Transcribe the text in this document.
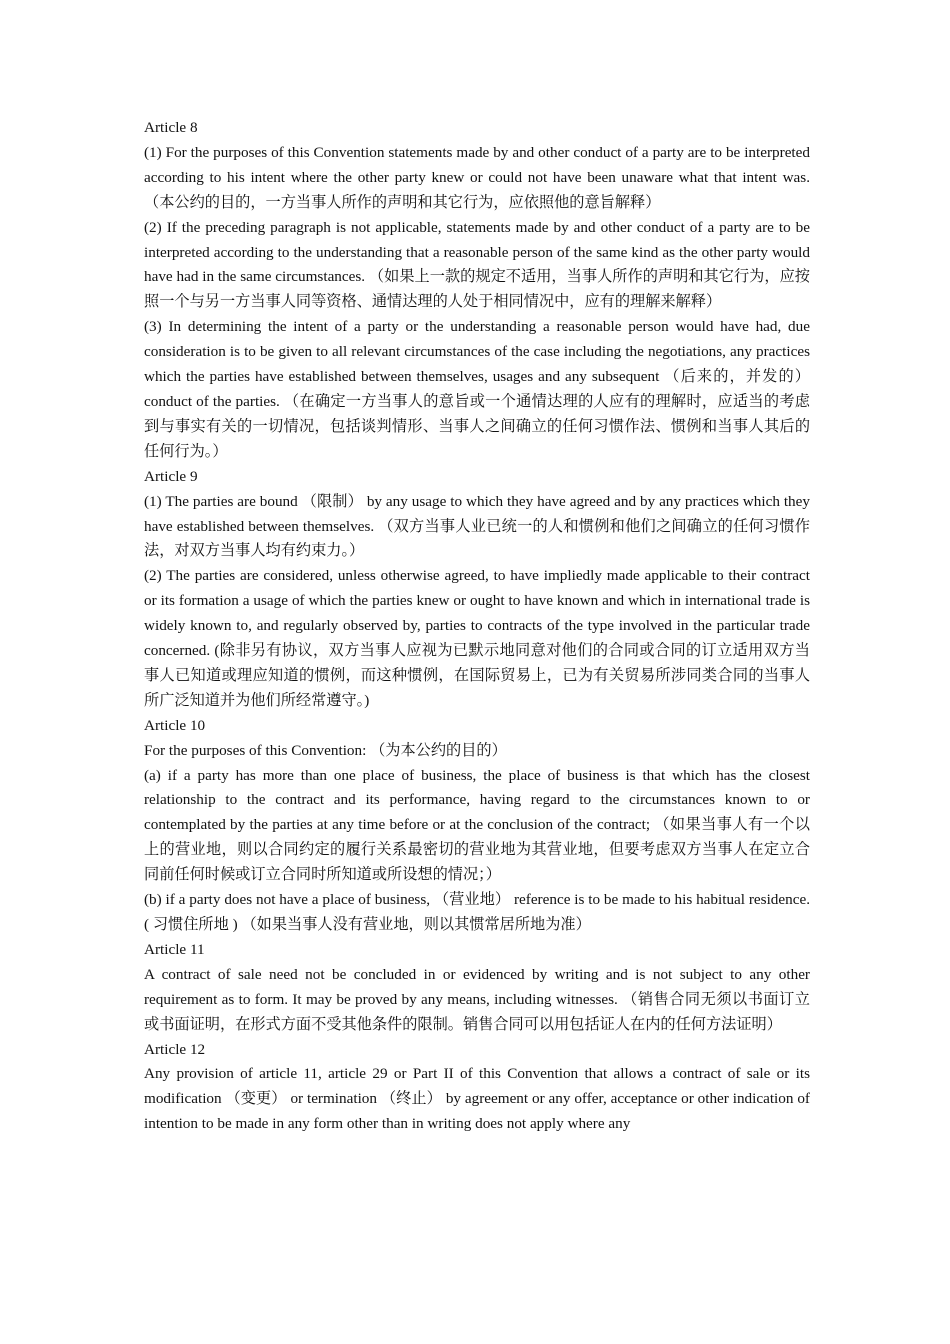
Article 8
(1) For the purposes of this Convention statements made by and other conduct of a party are to be interpreted according to his intent where the other party knew or could not have been unaware what that intent was. （本公约的目的，一方当事人所作的声明和其它行为，应依照他的意旨解释）
(2) If the preceding paragraph is not applicable, statements made by and other conduct of a party are to be interpreted according to the understanding that a reasonable person of the same kind as the other party would have had in the same circumstances. （如果上一款的规定不适用，当事人所作的声明和其它行为，应按照一个与另一方当事人同等资格、通情达理的人处于相同情况中，应有的理解来解释）
(3) In determining the intent of a party or the understanding a reasonable person would have had, due consideration is to be given to all relevant circumstances of the case including the negotiations, any practices which the parties have established between themselves, usages and any subsequent （后来的，并发的） conduct of the parties. （在确定一方当事人的意旨或一个通情达理的人应有的理解时，应适当的考虑到与事实有关的一切情况，包括谈判情形、当事人之间确立的任何习惯作法、惯例和当事人其后的任何行为。）
Article 9
(1) The parties are bound （限制） by any usage to which they have agreed and by any practices which they have established between themselves. （双方当事人业已统一的人和惯例和他们之间确立的任何习惯作法，对双方当事人均有约束力。）
(2) The parties are considered, unless otherwise agreed, to have impliedly made applicable to their contract or its formation a usage of which the parties knew or ought to have known and which in international trade is widely known to, and regularly observed by, parties to contracts of the type involved in the particular trade concerned. (除非另有协议，双方当事人应视为已默示地同意对他们的合同或合同的订立适用双方当事人已知道或理应知道的惯例，而这种惯例，在国际贸易上，已为有关贸易所涉同类合同的当事人所广泛知道并为他们所经常遵守。)
Article 10
For the purposes of this Convention: （为本公约的目的）
(a) if a party has more than one place of business, the place of business is that which has the closest relationship to the contract and its performance, having regard to the circumstances known to or contemplated by the parties at any time before or at the conclusion of the contract; （如果当事人有一个以上的营业地，则以合同约定的履行关系最密切的营业地为其营业地，但要考虑双方当事人在定立合同前任何时候或订立合同时所知道或所设想的情况；）
(b) if a party does not have a place of business, （营业地） reference is to be made to his habitual residence. ( 习惯住所地 ) （如果当事人没有营业地，则以其惯常居所地为准）
Article 11
A contract of sale need not be concluded in or evidenced by writing and is not subject to any other requirement as to form. It may be proved by any means, including witnesses. （销售合同无须以书面订立或书面证明，在形式方面不受其他条件的限制。销售合同可以用包括证人在内的任何方法证明）
Article 12
Any provision of article 11, article 29 or Part II of this Convention that allows a contract of sale or its modification （变更） or termination （终止） by agreement or any offer, acceptance or other indication of intention to be made in any form other than in writing does not apply where any
